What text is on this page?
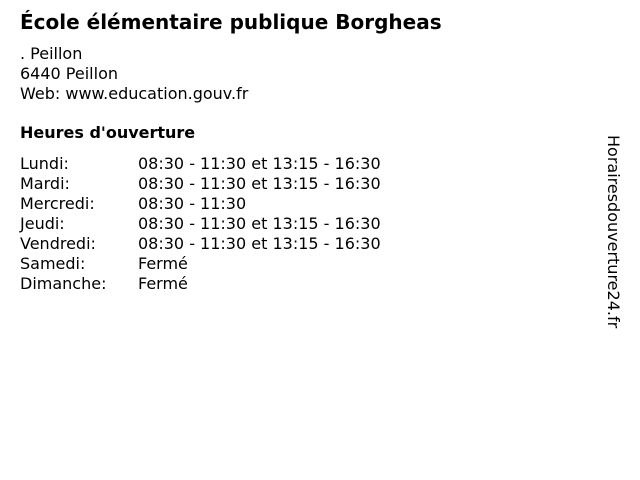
École élémentaire publique Borgheas
. Peillon
6440 Peillon
Web: www.education.gouv.fr
Heures d'ouverture
Lundi:	08:30 - 11:30 et 13:15 - 16:30
Mardi:	08:30 - 11:30 et 13:15 - 16:30
Mercredi:	08:30 - 11:30
Jeudi:	08:30 - 11:30 et 13:15 - 16:30
Vendredi:	08:30 - 11:30 et 13:15 - 16:30
Samedi:	Fermé
Dimanche: Fermé	Horairesdouverture24.fr
